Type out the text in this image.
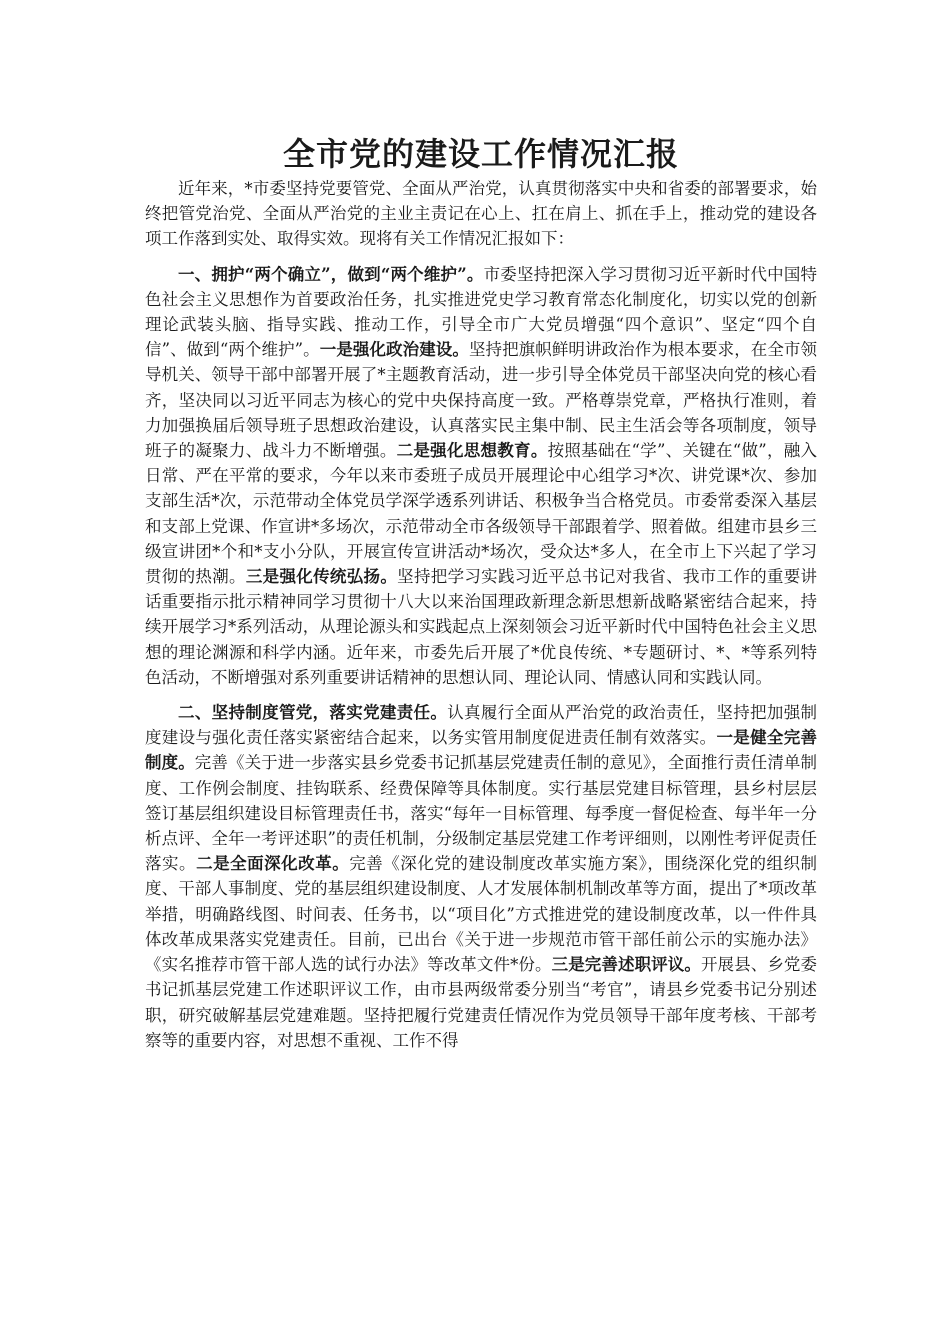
全市党的建设工作情况汇报

近年来，*市委坚持党要管党、全面从严治党，认真贯彻落实中央和省委的部署要求，始终把管党治党、全面从严治党的主业主责记在心上、扛在肩上、抓在手上，推动党的建设各项工作落到实处、取得实效。现将有关工作情况汇报如下：

一、拥护“两个确立”，做到“两个维护”。市委坚持把深入学习贯彻习近平新时代中国特色社会主义思想作为首要政治任务，扎实推进党史学习教育常态化制度化，切实以党的创新理论武装头脑、指导实践、推动工作，引导全市广大党员增强“四个意识”、坚定“四个自信”、做到“两个维护”。一是强化政治建设。坚持把旗帜鲜明讲政治作为根本要求，在全市领导机关、领导干部中部署开展了*主题教育活动，进一步引导全体党员干部坚决向党的核心看齐，坚决同以习近平同志为核心的党中央保持高度一致。严格尊崇党章，严格执行准则，着力加强换届后领导班子思想政治建设，认真落实民主集中制、民主生活会等各项制度，领导班子的凝聚力、战斗力不断增强。二是强化思想教育。按照基础在“学”、关键在“做”，融入日常、严在平常的要求，今年以来市委班子成员开展理论中心组学习*次、讲党课*次、参加支部生活*次，示范带动全体党员学深学透系列讲话、积极争当合格党员。市委常委深入基层和支部上党课、作宣讲*多场次，示范带动全市各级领导干部跟着学、照着做。组建市县乡三级宣讲团*个和*支小分队，开展宣传宣讲活动*场次，受众达*多人，在全市上下兴起了学习贯彻的热潮。三是强化传统弘扬。坚持把学习实践习近平总书记对我省、我市工作的重要讲话重要指示批示精神同学习贯彻十八大以来治国理政新理念新思想新战略紧密结合起来，持续开展学习*系列活动，从理论源头和实践起点上深刻领会习近平新时代中国特色社会主义思想的理论渊源和科学内涵。近年来，市委先后开展了*优良传统、*专题研讨、*、*等系列特色活动，不断增强对系列重要讲话精神的思想认同、理论认同、情感认同和实践认同。

二、坚持制度管党，落实党建责任。认真履行全面从严治党的政治责任，坚持把加强制度建设与强化责任落实紧密结合起来，以务实管用制度促进责任制有效落实。一是健全完善制度。完善《关于进一步落实县乡党委书记抓基层党建责任制的意见》，全面推行责任清单制度、工作例会制度、挂钩联系、经费保障等具体制度。实行基层党建目标管理，县乡村层层签订基层组织建设目标管理责任书，落实“每年一目标管理、每季度一督促检查、每半年一分析点评、全年一考评述职”的责任机制，分级制定基层党建工作考评细则，以刚性考评促责任落实。二是全面深化改革。完善《深化党的建设制度改革实施方案》，围绕深化党的组织制度、干部人事制度、党的基层组织建设制度、人才发展体制机制改革等方面，提出了*项改革举措，明确路线图、时间表、任务书，以“项目化”方式推进党的建设制度改革，以一件件具体改革成果落实党建责任。目前，已出台《关于进一步规范市管干部任前公示的实施办法》《实名推荐市管干部人选的试行办法》等改革文件*份。三是完善述职评议。开展县、乡党委书记抓基层党建工作述职评议工作，由市县两级常委分别当“考官”，请县乡党委书记分别述职，研究破解基层党建难题。坚持把履行党建责任情况作为党员领导干部年度考核、干部考察等的重要内容，对思想不重视、工作不得
